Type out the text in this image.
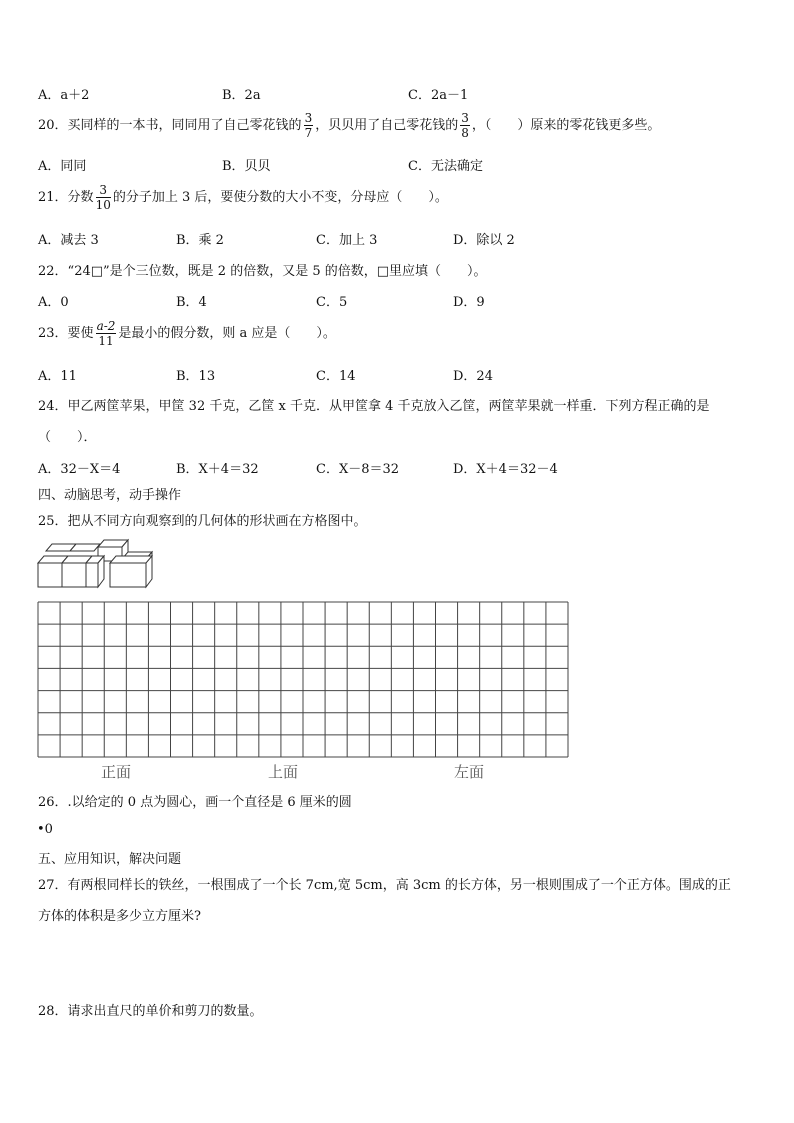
A．a＋2	B．2a	C．2a－1
20．买同样的一本书，同同用了自己零花钱的 $\frac{3}{7}$ ，贝贝用了自己零花钱的 $\frac{3}{8}$ ，（　　）原来的零花钱更多些。
A．同同	B．贝贝	C．无法确定
21．分数 $\frac{3}{10}$ 的分子加上 3 后，要使分数的大小不变，分母应（　　）。
A．减去 3	B．乘 2	C．加上 3	D．除以 2
22．“24□”是个三位数，既是 2 的倍数，又是 5 的倍数，□里应填（　　）。
A．0	B．4	C．5	D．9
23．要使 $\frac{a-2}{11}$ 是最小的假分数，则 a 应是（　　）。
A．11	B．13	C．14	D．24
24．甲乙两筐苹果，甲筐 32 千克，乙筐 x 千克．从甲筐拿 4 千克放入乙筐，两筐苹果就一样重．下列方程正确的是
（　　）．
A．32－X＝4	B．X＋4＝32	C．X－8＝32	D．X＋4＝32－4
四、动脑思考，动手操作
25．把从不同方向观察到的几何体的形状画在方格图中。
正面	上面	左面
26．.以给定的 0 点为圆心，画一个直径是 6 厘米的圆
•0
五、应用知识，解决问题
27．有两根同样长的铁丝，一根围成了一个长 7cm,宽 5cm，高 3cm 的长方体，另一根则围成了一个正方体。围成的正
方体的体积是多少立方厘米?
28．请求出直尺的单价和剪刀的数量。
